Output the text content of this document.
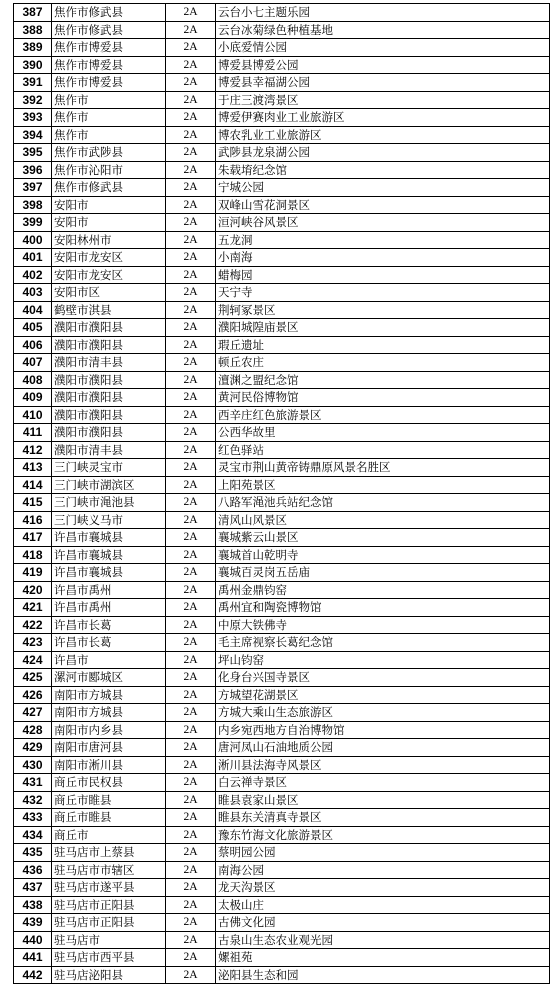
387	焦作市修武县	2A	云台小七主题乐园
388	焦作市修武县	2A	云台冰菊绿色种植基地
389	焦作市博爱县	2A	小底爱情公园
390	焦作市博爱县	2A	博爱县博爱公园
391	焦作市博爱县	2A	博爱县幸福湖公园
392	焦作市	2A	于庄三渡湾景区
393	焦作市	2A	博爱伊赛肉业工业旅游区
394	焦作市	2A	博农乳业工业旅游区
395	焦作市武陟县	2A	武陟县龙泉湖公园
396	焦作市沁阳市	2A	朱载堉纪念馆
397	焦作市修武县	2A	宁城公园
398	安阳市	2A	双峰山雪花洞景区
399	安阳市	2A	洹河峡谷风景区
400	安阳林州市	2A	五龙洞
401	安阳市龙安区	2A	小南海
402	安阳市龙安区	2A	蜡梅园
403	安阳市区	2A	天宁寺
404	鹤壁市淇县	2A	荆轲冢景区
405	濮阳市濮阳县	2A	濮阳城隍庙景区
406	濮阳市濮阳县	2A	瑕丘遗址
407	濮阳市清丰县	2A	顿丘农庄
408	濮阳市濮阳县	2A	澶渊之盟纪念馆
409	濮阳市濮阳县	2A	黄河民俗博物馆
410	濮阳市濮阳县	2A	西辛庄红色旅游景区
411	濮阳市濮阳县	2A	公西华故里
412	濮阳市清丰县	2A	红色驿站
413	三门峡灵宝市	2A	灵宝市荆山黄帝铸鼎原风景名胜区
414	三门峡市湖滨区	2A	上阳苑景区
415	三门峡市渑池县	2A	八路军渑池兵站纪念馆
416	三门峡义马市	2A	清风山风景区
417	许昌市襄城县	2A	襄城紫云山景区
418	许昌市襄城县	2A	襄城首山乾明寺
419	许昌市襄城县	2A	襄城百灵岗五岳庙
420	许昌市禹州	2A	禹州金鼎钧窑
421	许昌市禹州	2A	禹州宜和陶瓷博物馆
422	许昌市长葛	2A	中原大铁佛寺
423	许昌市长葛	2A	毛主席视察长葛纪念馆
424	许昌市	2A	坪山钧窑
425	漯河市郾城区	2A	化身台兴国寺景区
426	南阳市方城县	2A	方城望花湖景区
427	南阳市方城县	2A	方城大乘山生态旅游区
428	南阳市内乡县	2A	内乡宛西地方自治博物馆
429	南阳市唐河县	2A	唐河凤山石油地质公园
430	南阳市淅川县	2A	淅川县法海寺风景区
431	商丘市民权县	2A	白云禅寺景区
432	商丘市睢县	2A	睢县袁家山景区
433	商丘市睢县	2A	睢县东关清真寺景区
434	商丘市	2A	豫东竹海文化旅游景区
435	驻马店市上蔡县	2A	蔡明园公园
436	驻马店市市辖区	2A	南海公园
437	驻马店市遂平县	2A	龙天沟景区
438	驻马店市正阳县	2A	太极山庄
439	驻马店市正阳县	2A	古佛文化园
440	驻马店市	2A	古泉山生态农业观光园
441	驻马店市西平县	2A	嫘祖苑
442	驻马店泌阳县	2A	泌阳县生态和园
